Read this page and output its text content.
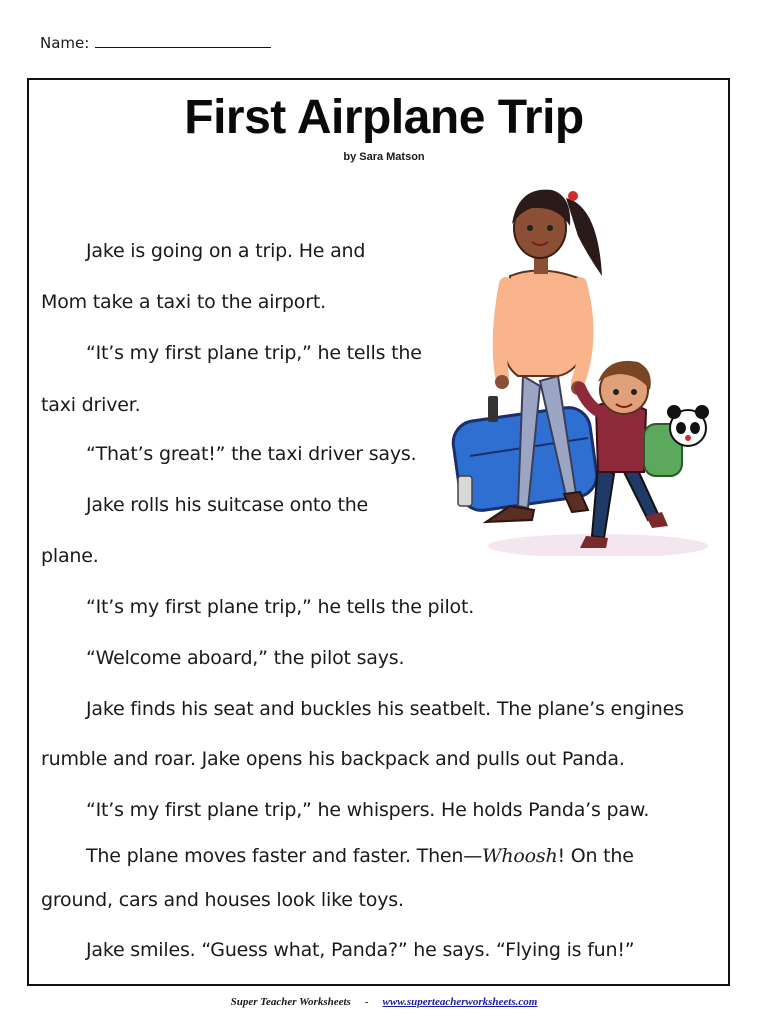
Name:
First Airplane Trip
by Sara Matson
Jake is going on a trip. He and
Mom take a taxi to the airport.
“It’s my first plane trip,” he tells the
taxi driver.
“That’s great!” the taxi driver says.
Jake rolls his suitcase onto the
plane.
“It’s my first plane trip,” he tells the pilot.
“Welcome aboard,” the pilot says.
Jake finds his seat and buckles his seatbelt. The plane’s engines
rumble and roar. Jake opens his backpack and pulls out Panda.
“It’s my first plane trip,” he whispers. He holds Panda’s paw.
The plane moves faster and faster. Then—Whoosh! On the
ground, cars and houses look like toys.
Jake smiles. “Guess what, Panda?” he says. “Flying is fun!”
Super Teacher Worksheets - www.superteacherworksheets.com
